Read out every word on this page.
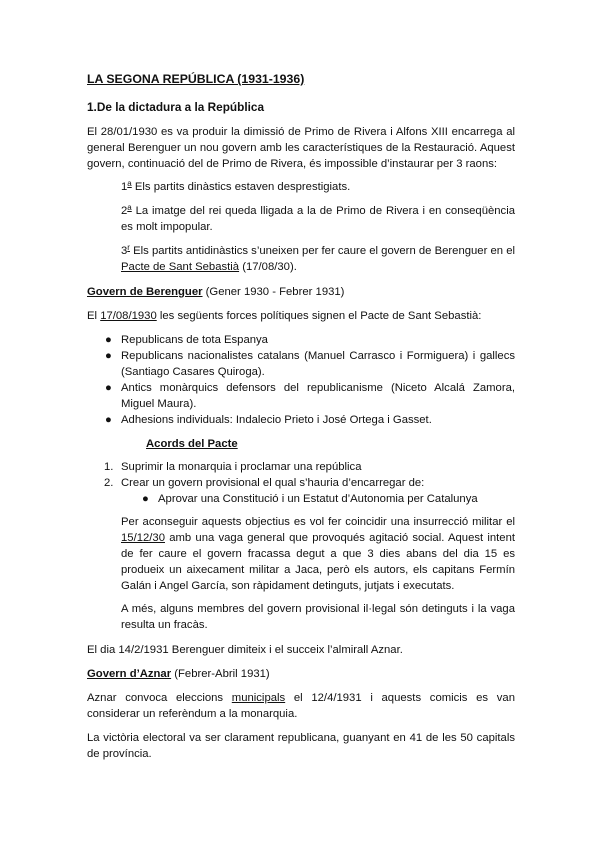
LA SEGONA REPÚBLICA (1931-1936)
1.De la dictadura a la República

El 28/01/1930 es va produir la dimissió de Primo de Rivera i Alfons XIII encarrega al general Berenguer un nou govern amb les característiques de la Restauració. Aquest govern, continuació del de Primo de Rivera, és impossible d’instaurar per 3 raons:

1$^a$ Els partits dinàstics estaven desprestigiats.

2$^a$ La imatge del rei queda lligada a la de Primo de Rivera i en conseqüència es molt impopular.

3$^r$ Els partits antidinàstics s’uneixen per fer caure el govern de Berenguer en el Pacte de Sant Sebastià (17/08/30).

Govern de Berenguer (Gener 1930 - Febrer 1931)

El 17/08/1930 les següents forces polítiques signen el Pacte de Sant Sebastià:

● Republicans de tota Espanya
● Republicans nacionalistes catalans (Manuel Carrasco i Formiguera) i gallecs (Santiago Casares Quiroga).
● Antics monàrquics defensors del republicanisme (Niceto Alcalá Zamora, Miguel Maura).
● Adhesions individuals: Indalecio Prieto i José Ortega i Gasset.
Acords del Pacte
1. Suprimir la monarquia i proclamar una república
2. Crear un govern provisional el qual s’hauria d’encarregar de:
● Aprovar una Constitució i un Estatut d’Autonomia per Catalunya

Per aconseguir aquests objectius es vol fer coincidir una insurrecció militar el 15/12/30 amb una vaga general que provoqués agitació social. Aquest intent de fer caure el govern fracassa degut a que 3 dies abans del dia 15 es produeix un aixecament militar a Jaca, però els autors, els capitans Fermín Galán i Angel García, son ràpidament detinguts, jutjats i executats.

A més, alguns membres del govern provisional il·legal són detinguts i la vaga resulta un fracàs.

El dia 14/2/1931 Berenguer dimiteix i el succeix l’almirall Aznar.

Govern d’Aznar (Febrer-Abril 1931)

Aznar convoca eleccions municipals el 12/4/1931 i aquests comicis es van considerar un referèndum a la monarquia.

La victòria electoral va ser clarament republicana, guanyant en 41 de les 50 capitals de província.
